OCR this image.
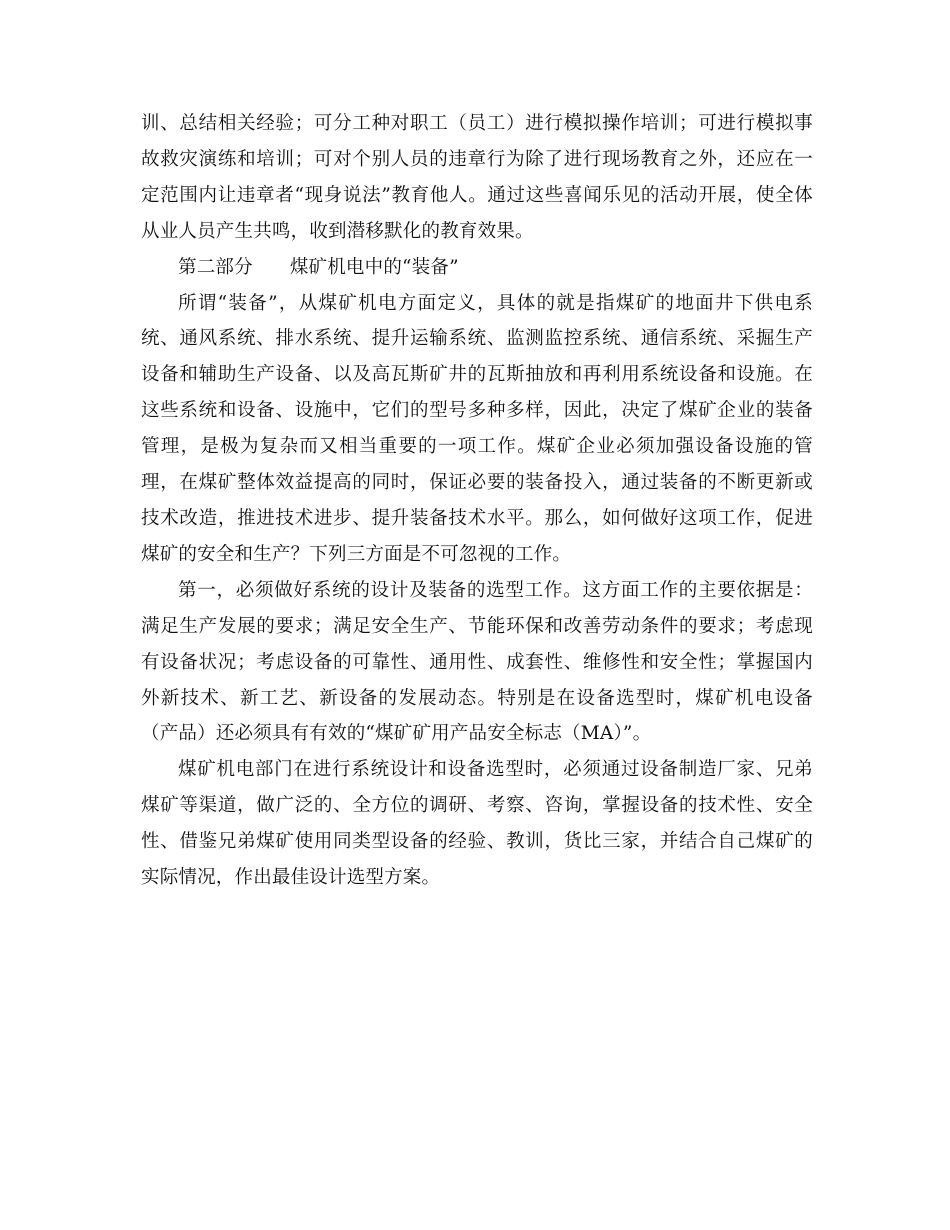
训、总结相关经验；可分工种对职工（员工）进行模拟操作培训；可进行模拟事故救灾演练和培训；可对个别人员的违章行为除了进行现场教育之外，还应在一定范围内让违章者“现身说法”教育他人。通过这些喜闻乐见的活动开展，使全体从业人员产生共鸣，收到潜移默化的教育效果。

第二部分 煤矿机电中的“装备”

所谓“装备”，从煤矿机电方面定义，具体的就是指煤矿的地面井下供电系统、通风系统、排水系统、提升运输系统、监测监控系统、通信系统、采掘生产设备和辅助生产设备、以及高瓦斯矿井的瓦斯抽放和再利用系统设备和设施。在这些系统和设备、设施中，它们的型号多种多样，因此，决定了煤矿企业的装备管理，是极为复杂而又相当重要的一项工作。煤矿企业必须加强设备设施的管理，在煤矿整体效益提高的同时，保证必要的装备投入，通过装备的不断更新或技术改造，推进技术进步、提升装备技术水平。那么，如何做好这项工作，促进煤矿的安全和生产？下列三方面是不可忽视的工作。

第一，必须做好系统的设计及装备的选型工作。这方面工作的主要依据是：满足生产发展的要求；满足安全生产、节能环保和改善劳动条件的要求；考虑现有设备状况；考虑设备的可靠性、通用性、成套性、维修性和安全性；掌握国内外新技术、新工艺、新设备的发展动态。特别是在设备选型时，煤矿机电设备（产品）还必须具有有效的“煤矿矿用产品安全标志（MA）”。

煤矿机电部门在进行系统设计和设备选型时，必须通过设备制造厂家、兄弟煤矿等渠道，做广泛的、全方位的调研、考察、咨询，掌握设备的技术性、安全性、借鉴兄弟煤矿使用同类型设备的经验、教训，货比三家，并结合自己煤矿的实际情况，作出最佳设计选型方案。
